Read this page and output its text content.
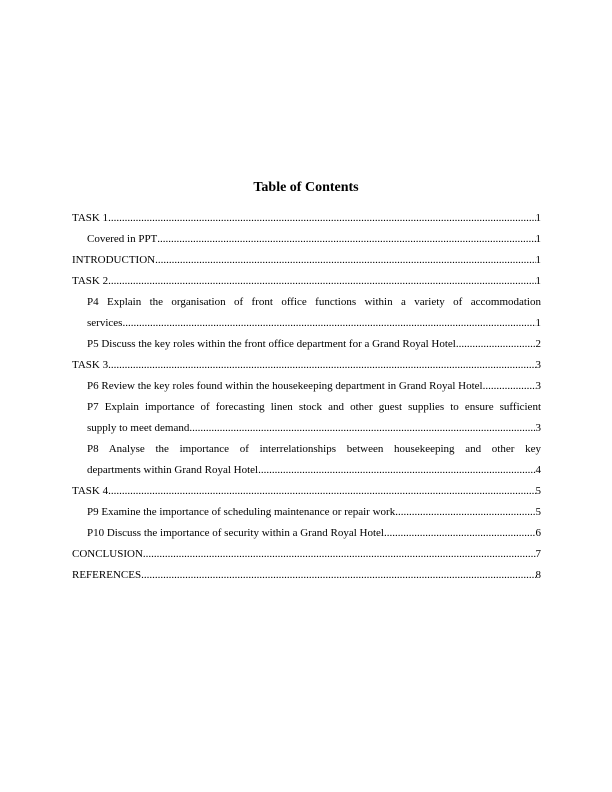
Table of Contents
TASK 1 .....	1
Covered in PPT .....	1
INTRODUCTION .....	1
TASK 2 .....	1
P4 Explain the organisation of front office functions within a variety of accommodation
services .....	1
P5 Discuss the key roles within the front office department for a Grand Royal Hotel .....	2
TASK 3 .....	3
P6 Review the key roles found within the housekeeping department in Grand Royal Hotel .....	3
P7 Explain importance of forecasting linen stock and other guest supplies to ensure sufficient
supply to meet demand .....	3
P8 Analyse the importance of interrelationships between housekeeping and other key
departments within Grand Royal Hotel .....	4
TASK 4 .....	5
P9 Examine the importance of scheduling maintenance or repair work .....	5
P10 Discuss the importance of security within a Grand Royal Hotel .....	6
CONCLUSION .....	7
REFERENCES .....	8
